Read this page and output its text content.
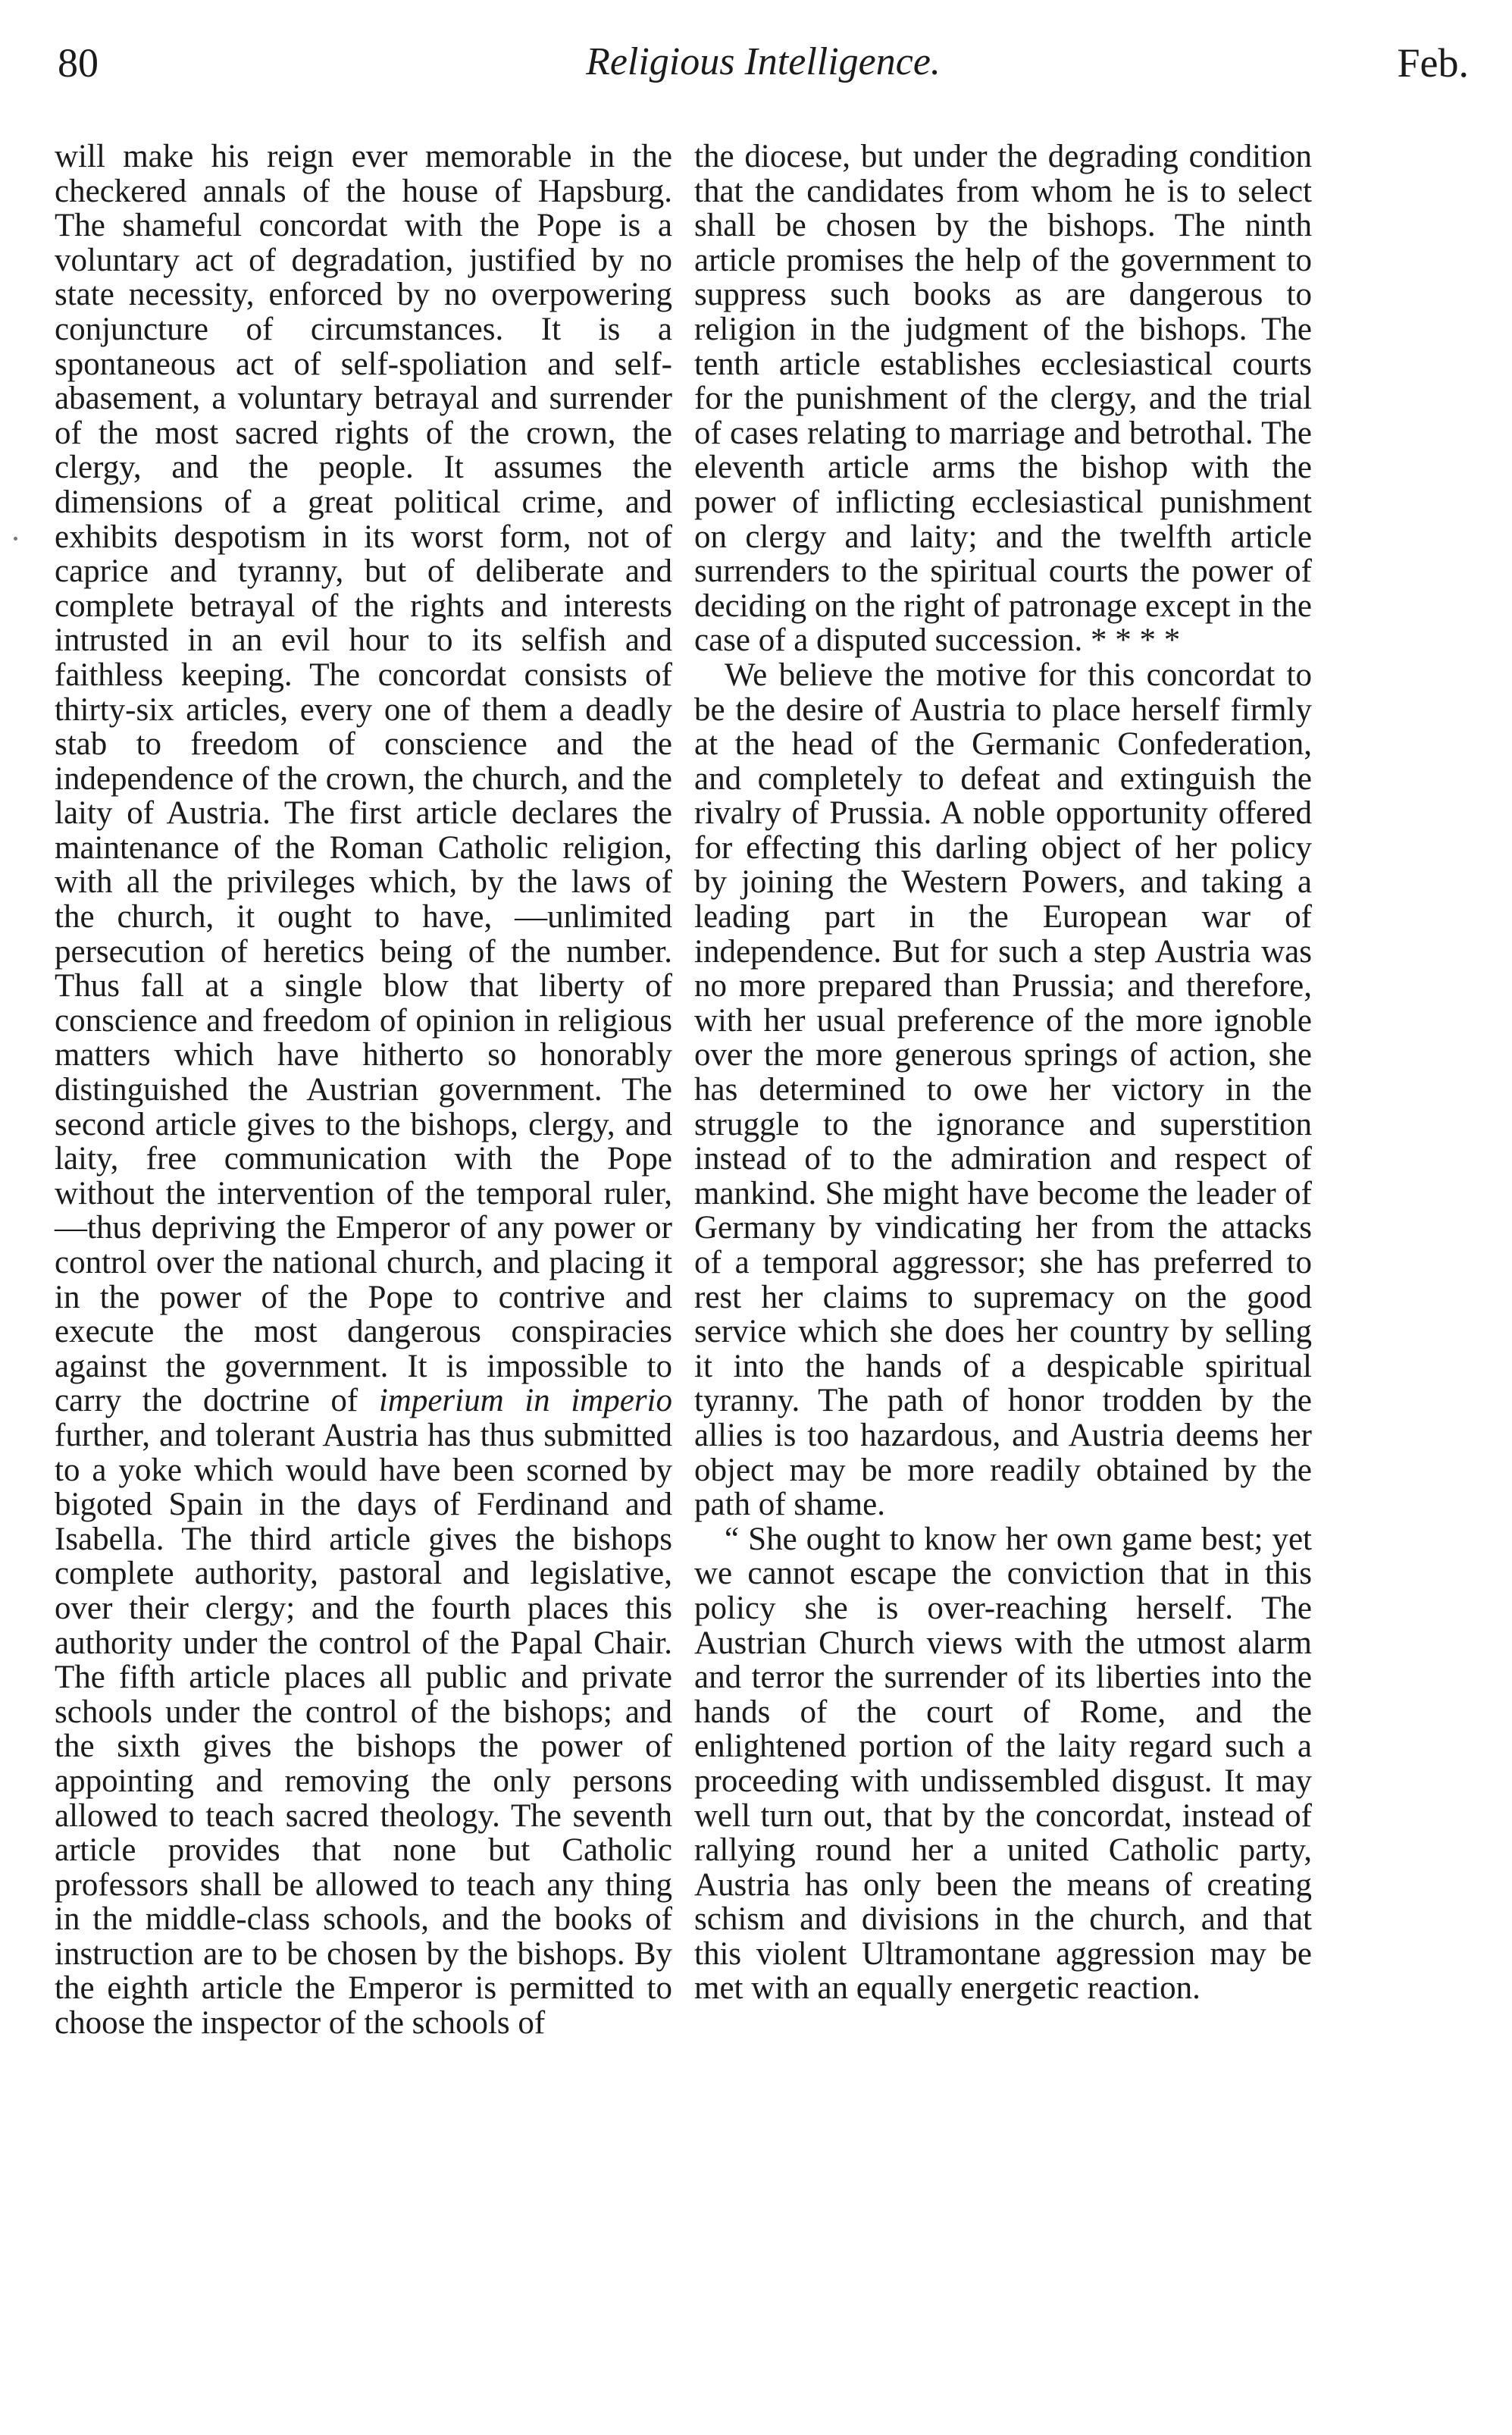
80	Religious Intelligence.	Feb.

will make his reign ever memorable in the checkered annals of the house of Hapsburg. The shameful concordat with the Pope is a voluntary act of degradation, justified by no state necessity, enforced by no overpowering conjuncture of circumstances. It is a spontaneous act of self-spoliation and self-abasement, a voluntary betrayal and surrender of the most sacred rights of the crown, the clergy, and the people. It assumes the dimensions of a great political crime, and exhibits despotism in its worst form, not of caprice and tyranny, but of deliberate and complete betrayal of the rights and interests intrusted in an evil hour to its selfish and faithless keeping. The concordat consists of thirty-six articles, every one of them a deadly stab to freedom of conscience and the independence of the crown, the church, and the laity of Austria. The first article declares the maintenance of the Roman Catholic religion, with all the privileges which, by the laws of the church, it ought to have, —unlimited persecution of heretics being of the number. Thus fall at a single blow that liberty of conscience and freedom of opinion in religious matters which have hitherto so honorably distinguished the Austrian government. The second article gives to the bishops, clergy, and laity, free communication with the Pope without the intervention of the temporal ruler,—thus depriving the Emperor of any power or control over the national church, and placing it in the power of the Pope to contrive and execute the most dangerous conspiracies against the government. It is impossible to carry the doctrine of imperium in imperio further, and tolerant Austria has thus submitted to a yoke which would have been scorned by bigoted Spain in the days of Ferdinand and Isabella. The third article gives the bishops complete authority, pastoral and legislative, over their clergy; and the fourth places this authority under the control of the Papal Chair. The fifth article places all public and private schools under the control of the bishops; and the sixth gives the bishops the power of appointing and removing the only persons allowed to teach sacred theology. The seventh article provides that none but Catholic professors shall be allowed to teach any thing in the middle-class schools, and the books of instruction are to be chosen by the bishops. By the eighth article the Emperor is permitted to choose the inspector of the schools of

the diocese, but under the degrading condition that the candidates from whom he is to select shall be chosen by the bishops. The ninth article promises the help of the government to suppress such books as are dangerous to religion in the judgment of the bishops. The tenth article establishes ecclesiastical courts for the punishment of the clergy, and the trial of cases relating to marriage and betrothal. The eleventh article arms the bishop with the power of inflicting ecclesiastical punishment on clergy and laity; and the twelfth article surrenders to the spiritual courts the power of deciding on the right of patronage except in the case of a disputed succession. * * * *

We believe the motive for this concordat to be the desire of Austria to place herself firmly at the head of the Germanic Confederation, and completely to defeat and extinguish the rivalry of Prussia. A noble opportunity offered for effecting this darling object of her policy by joining the Western Powers, and taking a leading part in the European war of independence. But for such a step Austria was no more prepared than Prussia; and therefore, with her usual preference of the more ignoble over the more generous springs of action, she has determined to owe her victory in the struggle to the ignorance and superstition instead of to the admiration and respect of mankind. She might have become the leader of Germany by vindicating her from the attacks of a temporal aggressor; she has preferred to rest her claims to supremacy on the good service which she does her country by selling it into the hands of a despicable spiritual tyranny. The path of honor trodden by the allies is too hazardous, and Austria deems her object may be more readily obtained by the path of shame.

“ She ought to know her own game best; yet we cannot escape the conviction that in this policy she is over-reaching herself. The Austrian Church views with the utmost alarm and terror the surrender of its liberties into the hands of the court of Rome, and the enlightened portion of the laity regard such a proceeding with undissembled disgust. It may well turn out, that by the concordat, instead of rallying round her a united Catholic party, Austria has only been the means of creating schism and divisions in the church, and that this violent Ultramontane aggression may be met with an equally energetic reaction.
